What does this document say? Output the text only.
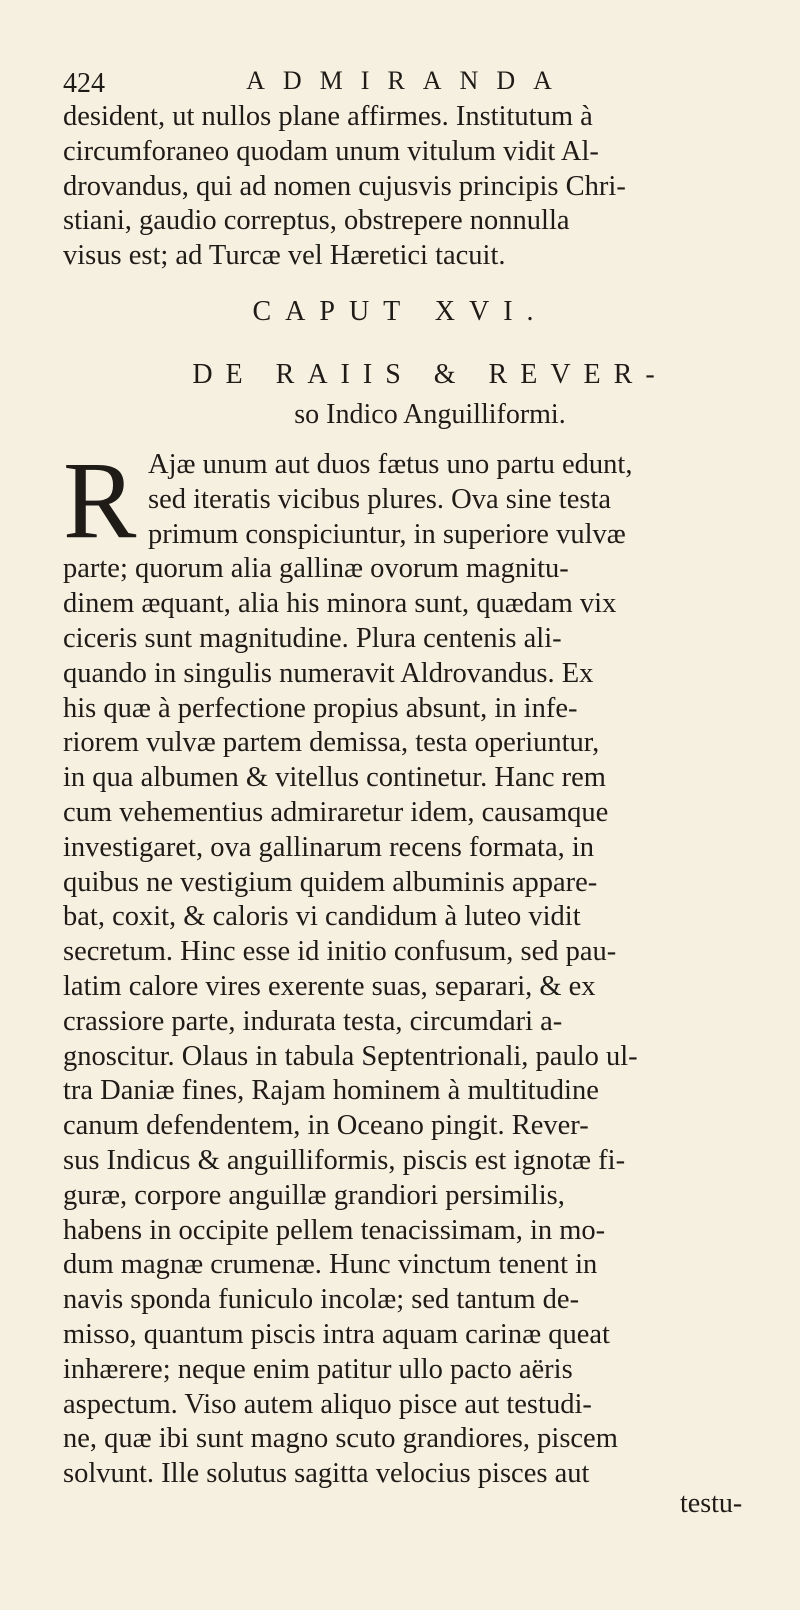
424	ADMIRANDA
desident, ut nullos plane affirmes. Institutum à
circumforaneo quodam unum vitulum vidit Al-
drovandus, qui ad nomen cujusvis principis Chri-
stiani, gaudio correptus, obstrepere nonnulla
visus est; ad Turcæ vel Hæretici tacuit.
CAPUT XVI.
DE RAIIS & REVER-
so Indico Anguilliformi.
R Ajæ unum aut duos fætus uno partu edunt,
sed iteratis vicibus plures. Ova sine testa
primum conspiciuntur, in superiore vulvæ
parte; quorum alia gallinæ ovorum magnitu-
dinem æquant, alia his minora sunt, quædam vix
ciceris sunt magnitudine. Plura centenis ali-
quando in singulis numeravit Aldrovandus. Ex
his quæ à perfectione propius absunt, in infe-
riorem vulvæ partem demissa, testa operiuntur,
in qua albumen & vitellus continetur. Hanc rem
cum vehementius admiraretur idem, causamque
investigaret, ova gallinarum recens formata, in
quibus ne vestigium quidem albuminis appare-
bat, coxit, & caloris vi candidum à luteo vidit
secretum. Hinc esse id initio confusum, sed pau-
latim calore vires exerente suas, separari, & ex
crassiore parte, indurata testa, circumdari a-
gnoscitur. Olaus in tabula Septentrionali, paulo ul-
tra Daniæ fines, Rajam hominem à multitudine
canum defendentem, in Oceano pingit. Rever-
sus Indicus & anguilliformis, piscis est ignotæ fi-
guræ, corpore anguillæ grandiori persimilis,
habens in occipite pellem tenacissimam, in mo-
dum magnæ crumenæ. Hunc vinctum tenent in
navis sponda funiculo incolæ; sed tantum de-
misso, quantum piscis intra aquam carinæ queat
inhærere; neque enim patitur ullo pacto aëris
aspectum. Viso autem aliquo pisce aut testudi-
ne, quæ ibi sunt magno scuto grandiores, piscem
solvunt. Ille solutus sagitta velocius pisces aut
testu-
